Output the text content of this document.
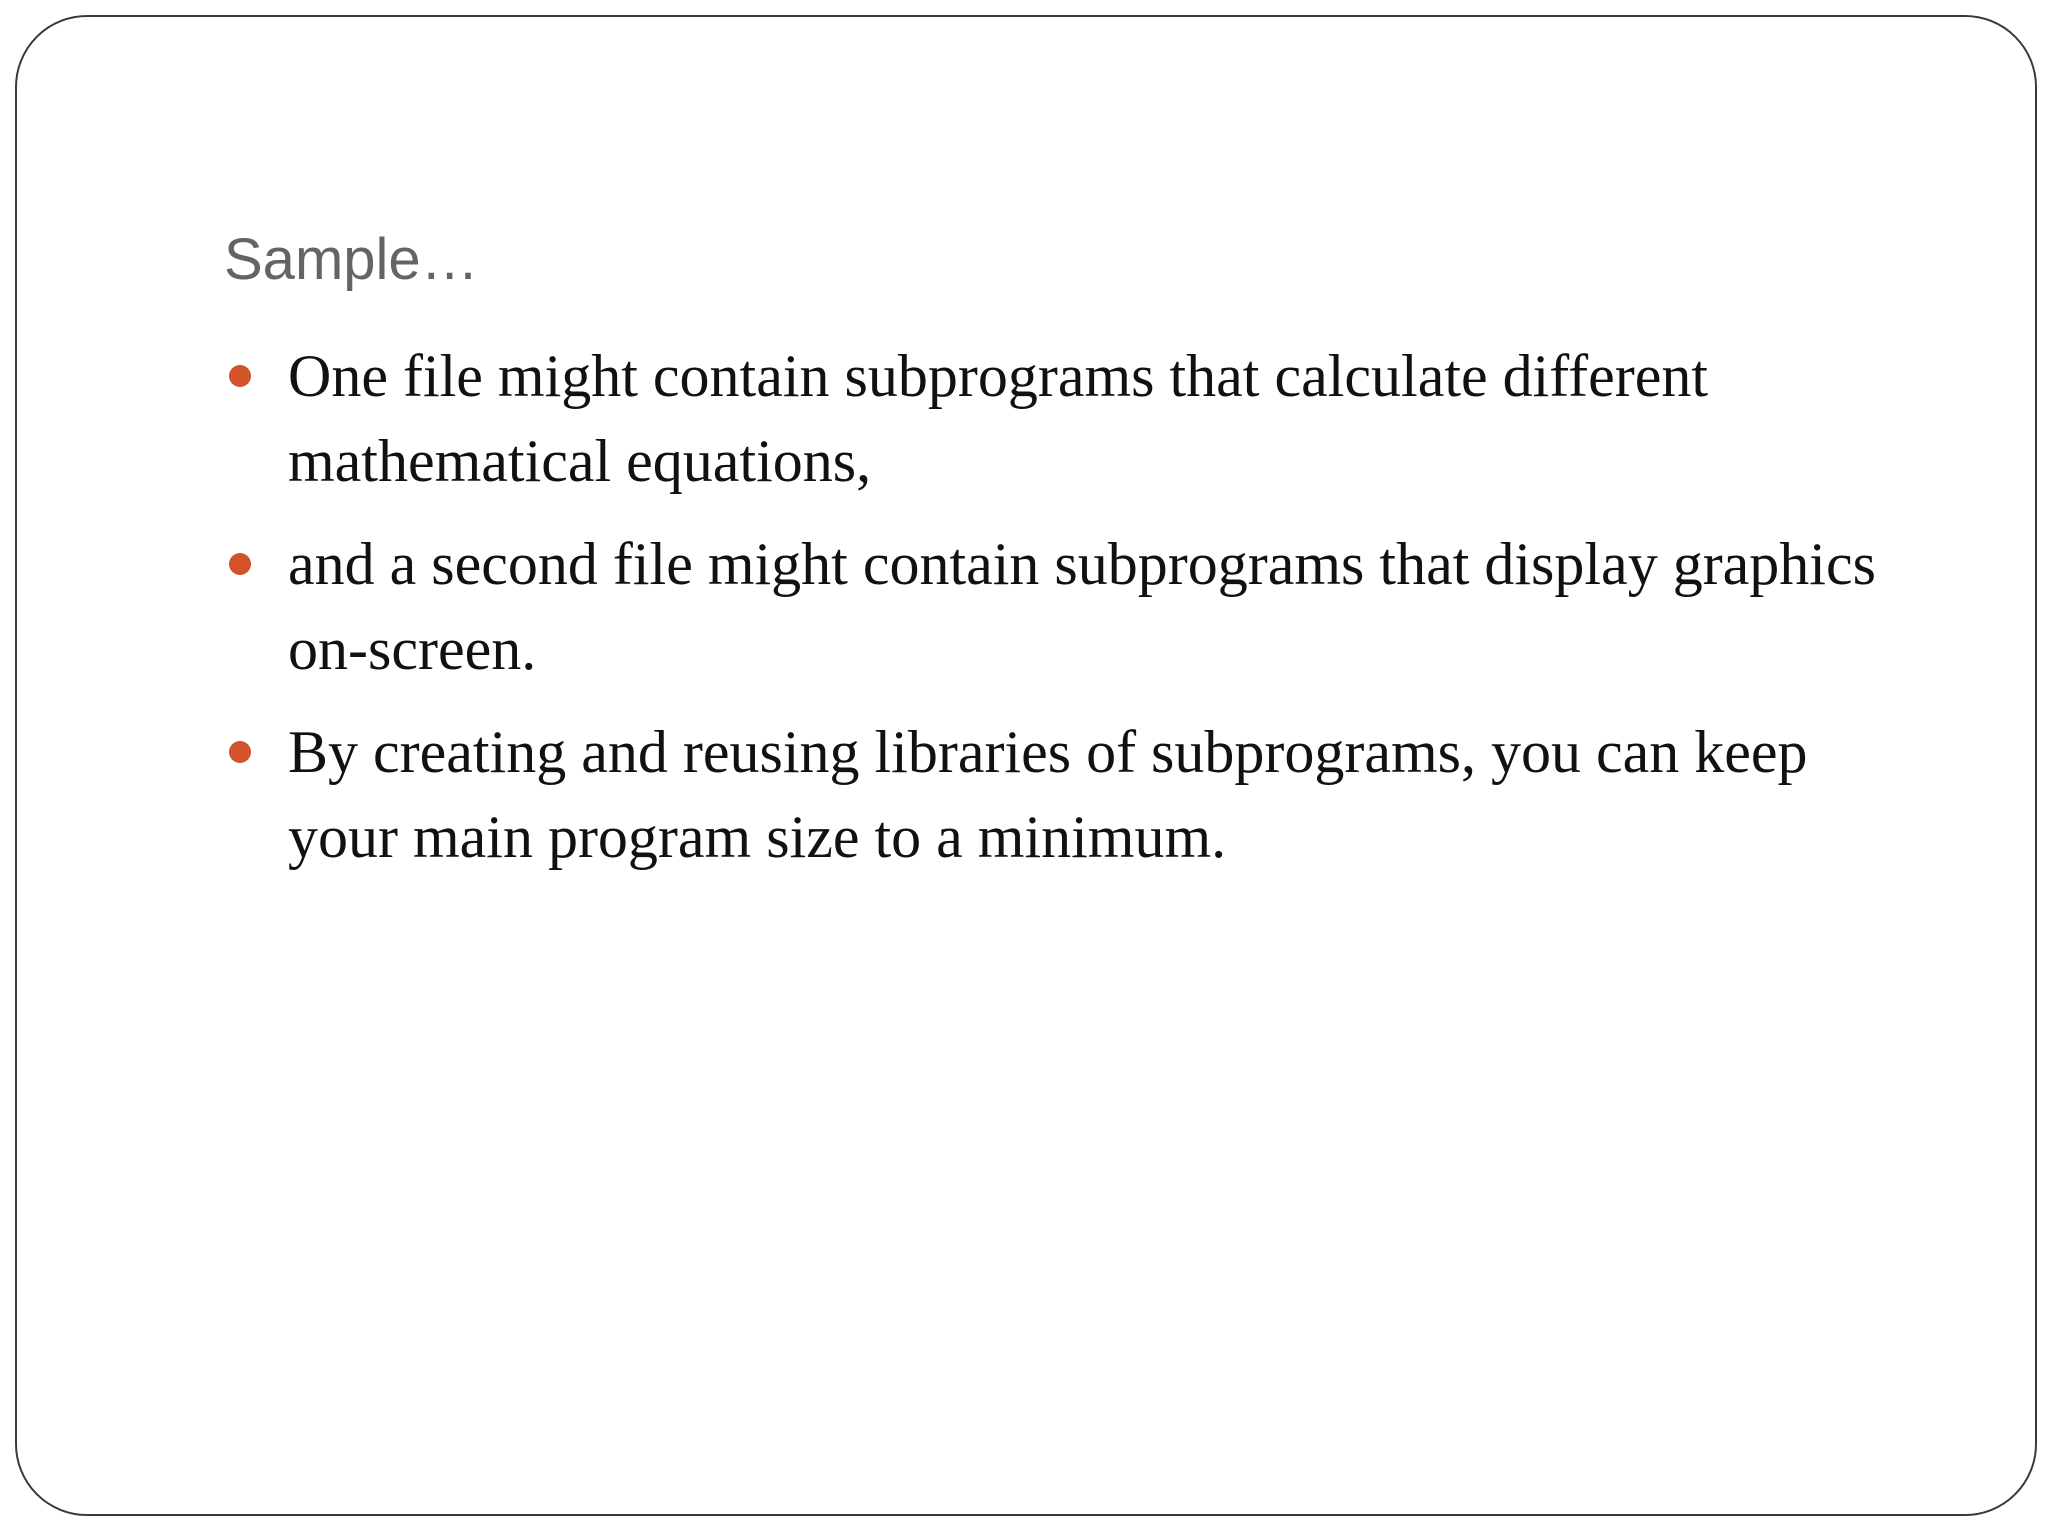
Sample…
One file might contain subprograms that calculate different mathematical equations,
and a second file might contain subprograms that display graphics on-screen.
By creating and reusing libraries of subprograms, you can keep your main program size to a minimum.
